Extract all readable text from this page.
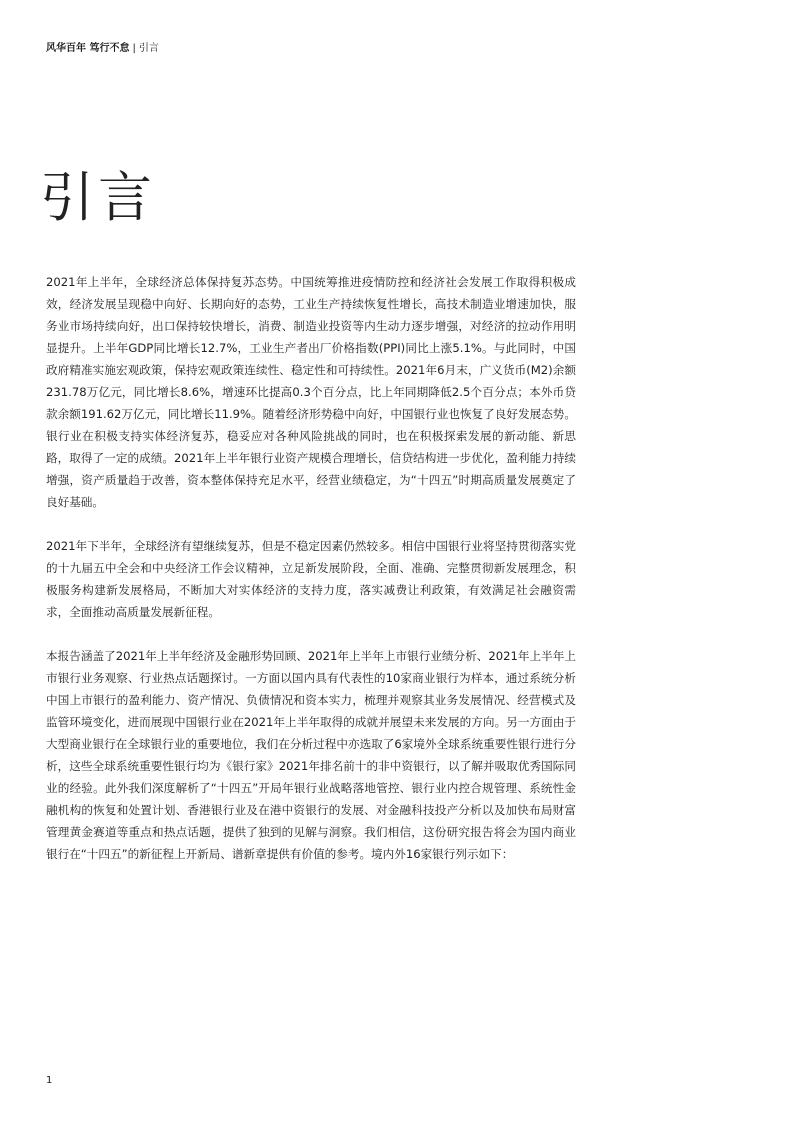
风华百年 笃行不怠 | 引言
引言

2021年上半年，全球经济总体保持复苏态势。中国统筹推进疫情防控和经济社会发展工作取得积极成效，经济发展呈现稳中向好、长期向好的态势，工业生产持续恢复性增长，高技术制造业增速加快，服务业市场持续向好，出口保持较快增长，消费、制造业投资等内生动力逐步增强，对经济的拉动作用明显提升。上半年GDP同比增长12.7%，工业生产者出厂价格指数(PPI)同比上涨5.1%。与此同时，中国政府精准实施宏观政策，保持宏观政策连续性、稳定性和可持续性。2021年6月末，广义货币(M2)余额231.78万亿元，同比增长8.6%，增速环比提高0.3个百分点，比上年同期降低2.5个百分点；本外币贷款余额191.62万亿元，同比增长11.9%。随着经济形势稳中向好，中国银行业也恢复了良好发展态势。银行业在积极支持实体经济复苏，稳妥应对各种风险挑战的同时，也在积极探索发展的新动能、新思路，取得了一定的成绩。2021年上半年银行业资产规模合理增长，信贷结构进一步优化，盈利能力持续增强，资产质量趋于改善，资本整体保持充足水平，经营业绩稳定，为“十四五”时期高质量发展奠定了良好基础。

2021年下半年，全球经济有望继续复苏，但是不稳定因素仍然较多。相信中国银行业将坚持贯彻落实党的十九届五中全会和中央经济工作会议精神，立足新发展阶段，全面、准确、完整贯彻新发展理念，积极服务构建新发展格局，不断加大对实体经济的支持力度，落实减费让利政策，有效满足社会融资需求，全面推动高质量发展新征程。

本报告涵盖了2021年上半年经济及金融形势回顾、2021年上半年上市银行业绩分析、2021年上半年上市银行业务观察、行业热点话题探讨。一方面以国内具有代表性的10家商业银行为样本，通过系统分析中国上市银行的盈利能力、资产情况、负债情况和资本实力，梳理并观察其业务发展情况、经营模式及监管环境变化，进而展现中国银行业在2021年上半年取得的成就并展望未来发展的方向。另一方面由于大型商业银行在全球银行业的重要地位，我们在分析过程中亦选取了6家境外全球系统重要性银行进行分析，这些全球系统重要性银行均为《银行家》2021年排名前十的非中资银行，以了解并吸取优秀国际同业的经验。此外我们深度解析了“十四五”开局年银行业战略落地管控、银行业内控合规管理、系统性金融机构的恢复和处置计划、香港银行业及在港中资银行的发展、对金融科技投产分析以及加快布局财富管理黄金赛道等重点和热点话题，提供了独到的见解与洞察。我们相信，这份研究报告将会为国内商业银行在“十四五”的新征程上开新局、谱新章提供有价值的参考。境内外16家银行列示如下：

1
